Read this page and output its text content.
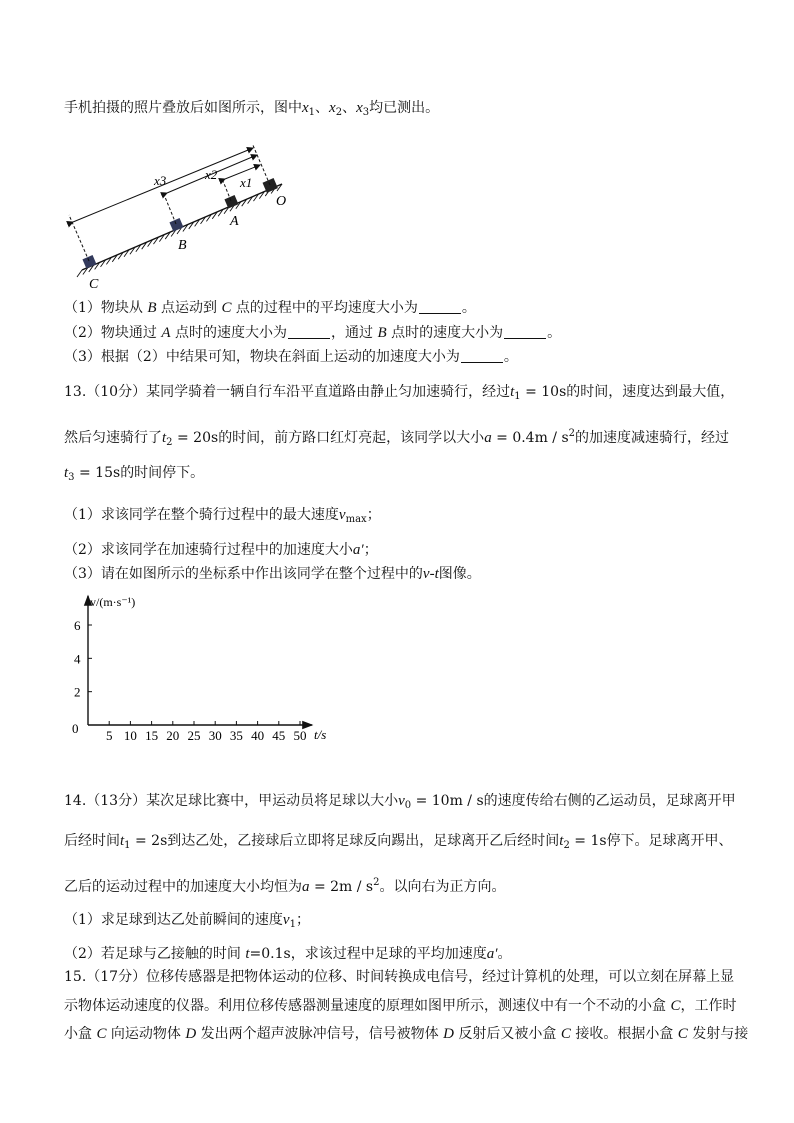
手机拍摄的照片叠放后如图所示，图中$x_1$、$x_2$、$x_3$均已测出。
x3	x2
x1
A
B
C
O
（1）物块从 B 点运动到 C 点的过程中的平均速度大小为	。
（2）物块通过 A 点时的速度大小为	，通过 B 点时的速度大小为	。
（3）根据（2）中结果可知，物块在斜面上运动的加速度大小为	。
13.（10分）某同学骑着一辆自行车沿平直道路由静止匀加速骑行，经过$t_1 = 10s$的时间，速度达到最大值，
然后匀速骑行了$t_2 = 20s$的时间，前方路口红灯亮起，该同学以大小$a = 0.4m / s^2$的加速度减速骑行，经过
$t_3 = 15s$的时间停下。
（1）求该同学在整个骑行过程中的最大速度$v_{max}$；
（2）求该同学在加速骑行过程中的加速度大小a′；
（3）请在如图所示的坐标系中作出该同学在整个过程中的v-t图像。
v/(m·s⁻¹)
t/s
0 5 10 15 20 25 30 35 40 45 50
2
4
6
14.（13分）某次足球比赛中，甲运动员将足球以大小$v_0 = 10m / s$的速度传给右侧的乙运动员，足球离开甲
后经时间$t_1 = 2s$到达乙处，乙接球后立即将足球反向踢出，足球离开乙后经时间$t_2 = 1s$停下。足球离开甲、
乙后的运动过程中的加速度大小均恒为$a = 2m / s^2$。以向右为正方向。
（1）求足球到达乙处前瞬间的速度$v_1$；
（2）若足球与乙接触的时间 t=0.1s，求该过程中足球的平均加速度a′。
15.（17分）位移传感器是把物体运动的位移、时间转换成电信号，经过计算机的处理，可以立刻在屏幕上显
示物体运动速度的仪器。利用位移传感器测量速度的原理如图甲所示，测速仪中有一个不动的小盒 C，工作时
小盒 C 向运动物体 D 发出两个超声波脉冲信号，信号被物体 D 反射后又被小盒 C 接收。根据小盒 C 发射与接
